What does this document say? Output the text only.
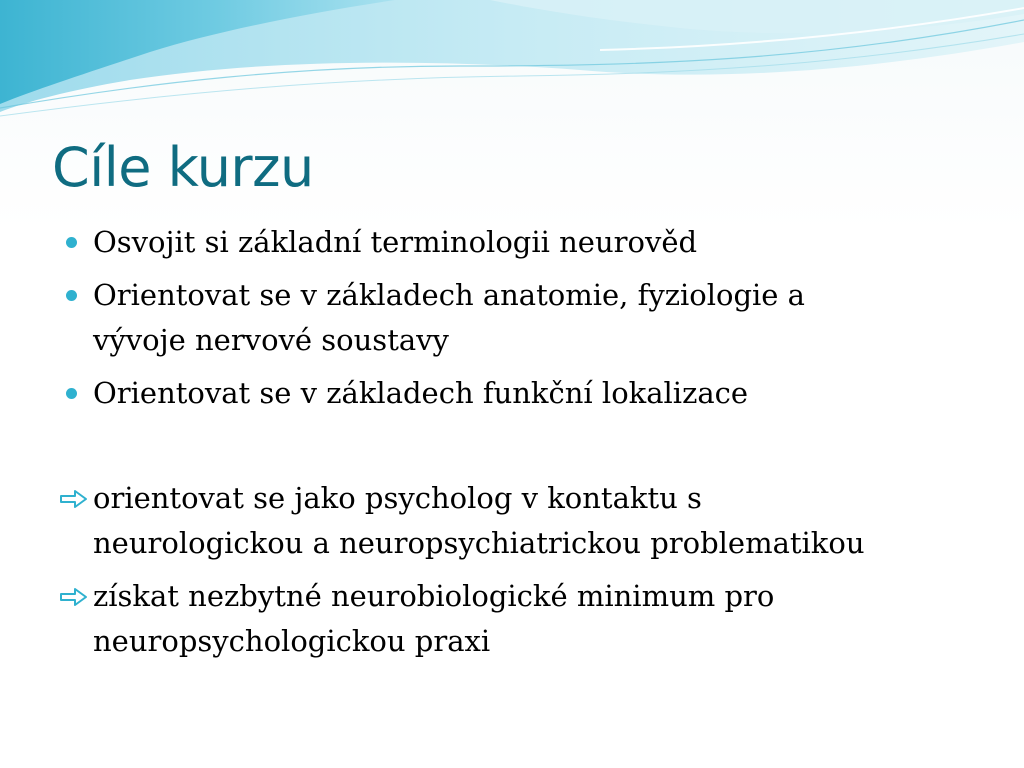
Cíle kurzu
Osvojit si základní terminologii neurověd
Orientovat se v základech anatomie, fyziologie a
vývoje nervové soustavy
Orientovat se v základech funkční lokalizace
orientovat se jako psycholog v kontaktu s
neurologickou a neuropsychiatrickou problematikou
získat nezbytné neurobiologické minimum pro
neuropsychologickou praxi
